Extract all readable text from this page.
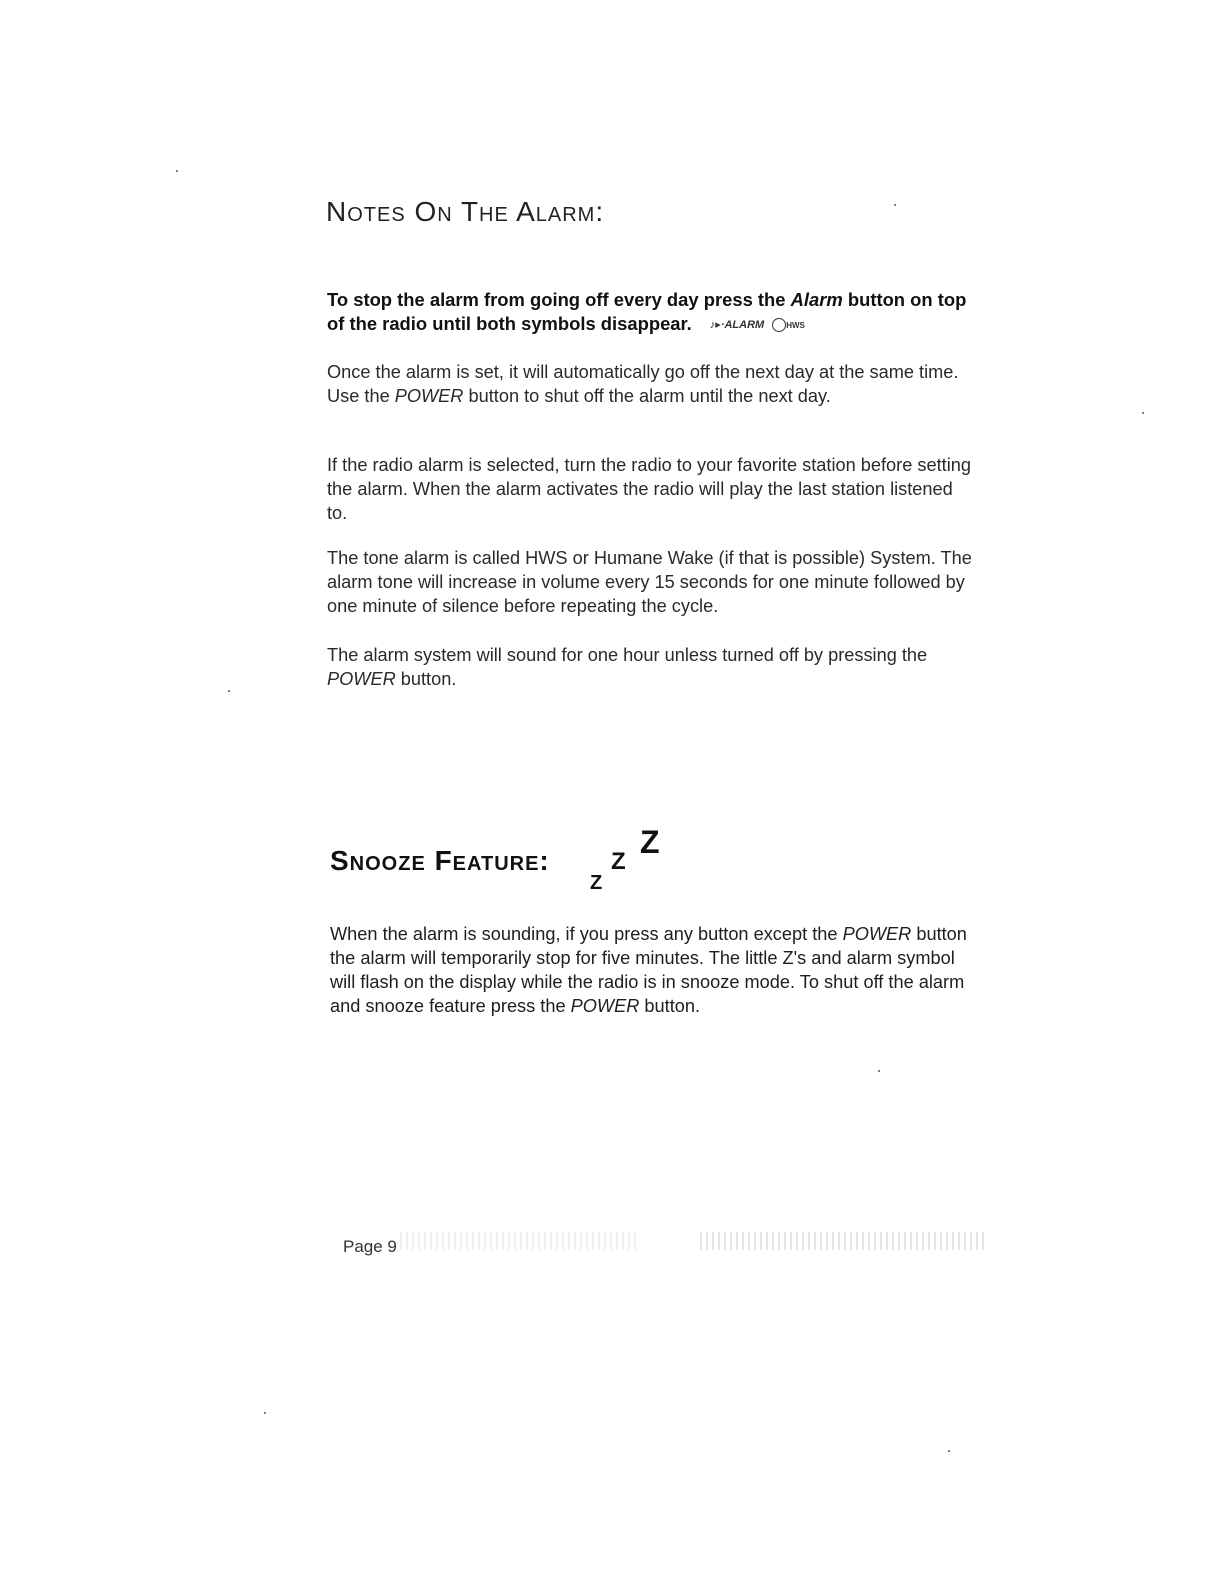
Notes On The Alarm:

To stop the alarm from going off every day press the Alarm button on top of the radio until both symbols disappear. ♪▸·ALARM	HWS

Once the alarm is set, it will automatically go off the next day at the same time. Use the POWER button to shut off the alarm until the next day.

If the radio alarm is selected, turn the radio to your favorite station before setting the alarm. When the alarm activates the radio will play the last station listened to.

The tone alarm is called HWS or Humane Wake (if that is possible) System. The alarm tone will increase in volume every 15 seconds for one minute followed by one minute of silence before repeating the cycle.

The alarm system will sound for one hour unless turned off by pressing the POWER button.

Snooze Feature:
Z
Z
Z

When the alarm is sounding, if you press any button except the POWER button the alarm will temporarily stop for five minutes. The little Z's and alarm symbol will flash on the display while the radio is in snooze mode. To shut off the alarm and snooze feature press the POWER button.

Page 9
